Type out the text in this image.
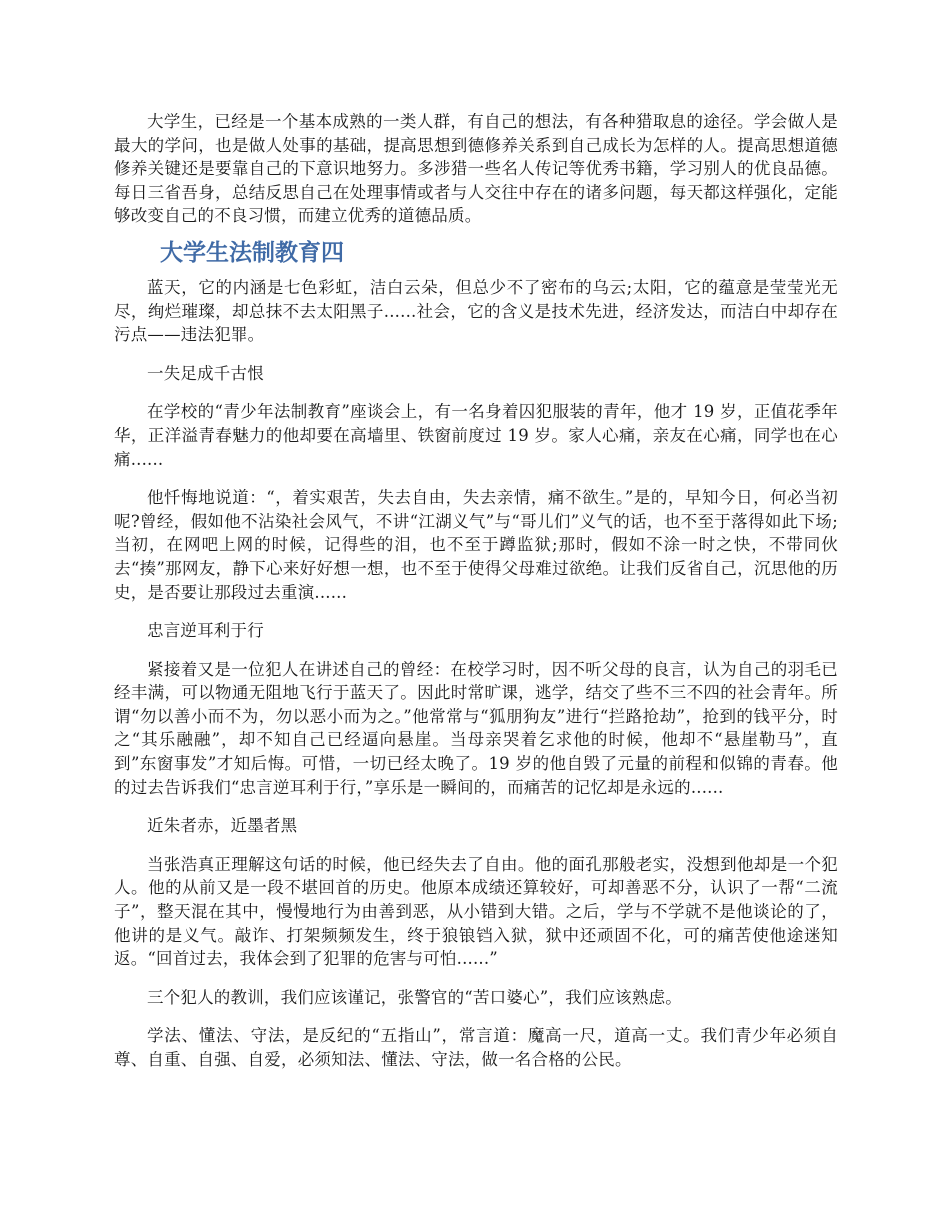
大学生，已经是一个基本成熟的一类人群，有自己的想法，有各种猎取息的途径。学会做人是最大的学问，也是做人处事的基础，提高思想到德修养关系到自己成长为怎样的人。提高思想道德修养关键还是要靠自己的下意识地努力。多涉猎一些名人传记等优秀书籍，学习别人的优良品德。每日三省吾身，总结反思自己在处理事情或者与人交往中存在的诸多问题，每天都这样强化，定能够改变自己的不良习惯，而建立优秀的道德品质。

大学生法制教育四

蓝天，它的内涵是七色彩虹，洁白云朵，但总少不了密布的乌云;太阳，它的蕴意是莹莹光无尽，绚烂璀璨，却总抹不去太阳黑子......社会，它的含义是技术先进，经济发达，而洁白中却存在污点——违法犯罪。

一失足成千古恨

在学校的“青少年法制教育”座谈会上，有一名身着囚犯服装的青年，他才 19 岁，正值花季年华，正洋溢青春魅力的他却要在高墙里、铁窗前度过 19 岁。家人心痛，亲友在心痛，同学也在心痛......

他忏悔地说道：“，着实艰苦，失去自由，失去亲情，痛不欲生。”是的，早知今日，何必当初呢?曾经，假如他不沾染社会风气，不讲“江湖义气”与“哥儿们”义气的话，也不至于落得如此下场;当初，在网吧上网的时候，记得些的泪，也不至于蹲监狱;那时，假如不涂一时之快，不带同伙去“揍”那网友，静下心来好好想一想，也不至于使得父母难过欲绝。让我们反省自己，沉思他的历史，是否要让那段过去重演......

忠言逆耳利于行

紧接着又是一位犯人在讲述自己的曾经：在校学习时，因不听父母的良言，认为自己的羽毛已经丰满，可以物通无阻地飞行于蓝天了。因此时常旷课，逃学，结交了些不三不四的社会青年。所谓“勿以善小而不为，勿以恶小而为之。”他常常与“狐朋狗友”进行“拦路抢劫”，抢到的钱平分，时之“其乐融融”，却不知自己已经逼向悬崖。当母亲哭着乞求他的时候，他却不“悬崖勒马”，直到”东窗事发”才知后悔。可惜，一切已经太晚了。19 岁的他自毁了元量的前程和似锦的青春。他的过去告诉我们“忠言逆耳利于行，”享乐是一瞬间的，而痛苦的记忆却是永远的......

近朱者赤，近墨者黑

当张浩真正理解这句话的时候，他已经失去了自由。他的面孔那般老实，没想到他却是一个犯人。他的从前又是一段不堪回首的历史。他原本成绩还算较好，可却善恶不分，认识了一帮“二流子”，整天混在其中，慢慢地行为由善到恶，从小错到大错。之后，学与不学就不是他谈论的了，他讲的是义气。敲诈、打架频频发生，终于狼锒铛入狱，狱中还顽固不化，可的痛苦使他途迷知返。“回首过去，我体会到了犯罪的危害与可怕......”

三个犯人的教训，我们应该谨记，张警官的“苦口婆心”，我们应该熟虑。

学法、懂法、守法，是反纪的“五指山”，常言道：魔高一尺，道高一丈。我们青少年必须自尊、自重、自强、自爱，必须知法、懂法、守法，做一名合格的公民。
